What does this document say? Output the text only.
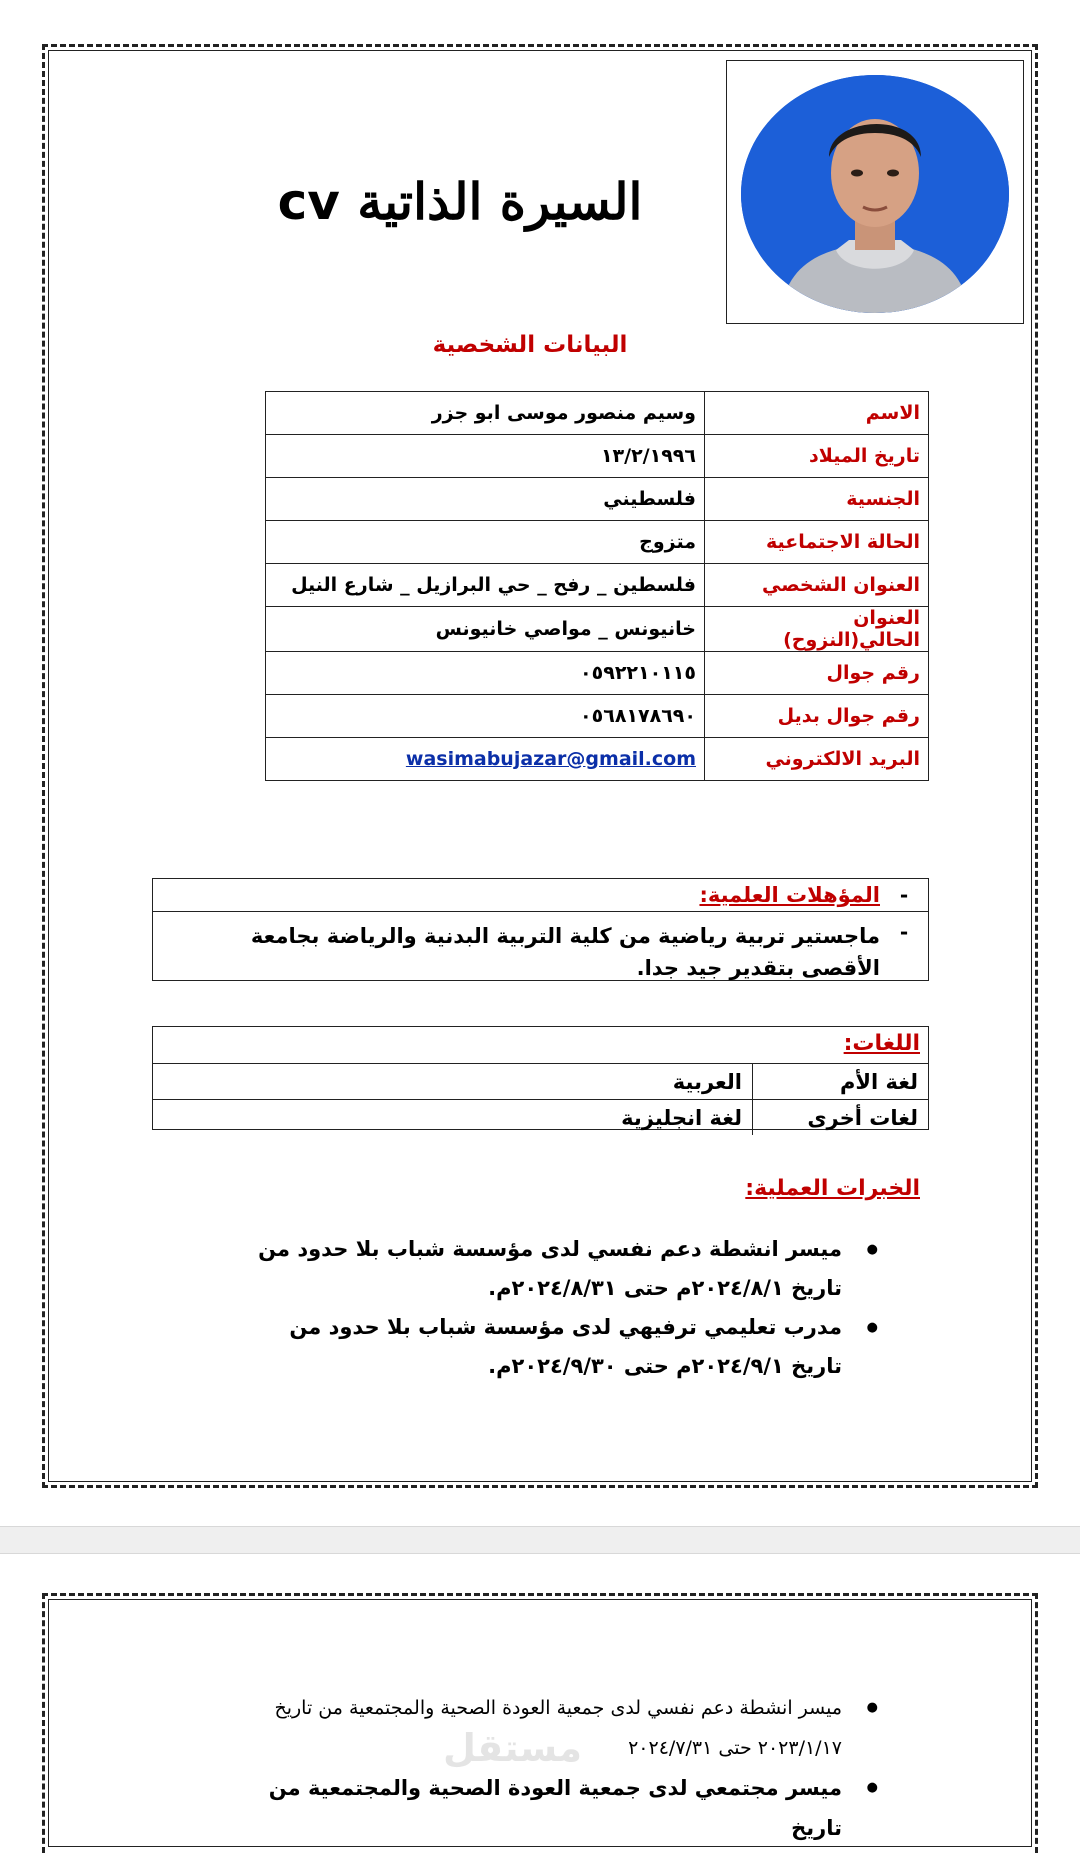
السيرة الذاتية cv
البيانات الشخصية
الاسم	وسيم منصور موسى ابو جزر
تاريخ الميلاد	١٣/٢/١٩٩٦
الجنسية	فلسطيني
الحالة الاجتماعية	متزوج
العنوان الشخصي	فلسطين _ رفح _ حي البرازيل _ شارع النيل
العنوان الحالي(النزوح)	خانيونس _ مواصي خانيونس
رقم جوال	٠٥٩٢٢١٠١١٥
رقم جوال بديل	٠٥٦٨١٧٨٦٩٠
البريد الالكتروني	wasimabujazar@gmail.com
-
المؤهلات العلمية:
-
ماجستير تربية رياضية من كلية التربية البدنية والرياضة بجامعة الأقصى بتقدير جيد جدا.
اللغات:
لغة الأم	العربية
لغات أخرى	لغة انجليزية
الخبرات العملية:
● ميسر انشطة دعم نفسي لدى مؤسسة شباب بلا حدود من تاريخ ٢٠٢٤/٨/١م حتى ٢٠٢٤/٨/٣١م.
● مدرب تعليمي ترفيهي لدى مؤسسة شباب بلا حدود من تاريخ ٢٠٢٤/٩/١م حتى ٢٠٢٤/٩/٣٠م.
● ميسر انشطة دعم نفسي لدى جمعية العودة الصحية والمجتمعية من تاريخ ٢٠٢٣/١/١٧ حتى ٢٠٢٤/٧/٣١
● ميسر مجتمعي لدى جمعية العودة الصحية والمجتمعية من تاريخ
مستقل
